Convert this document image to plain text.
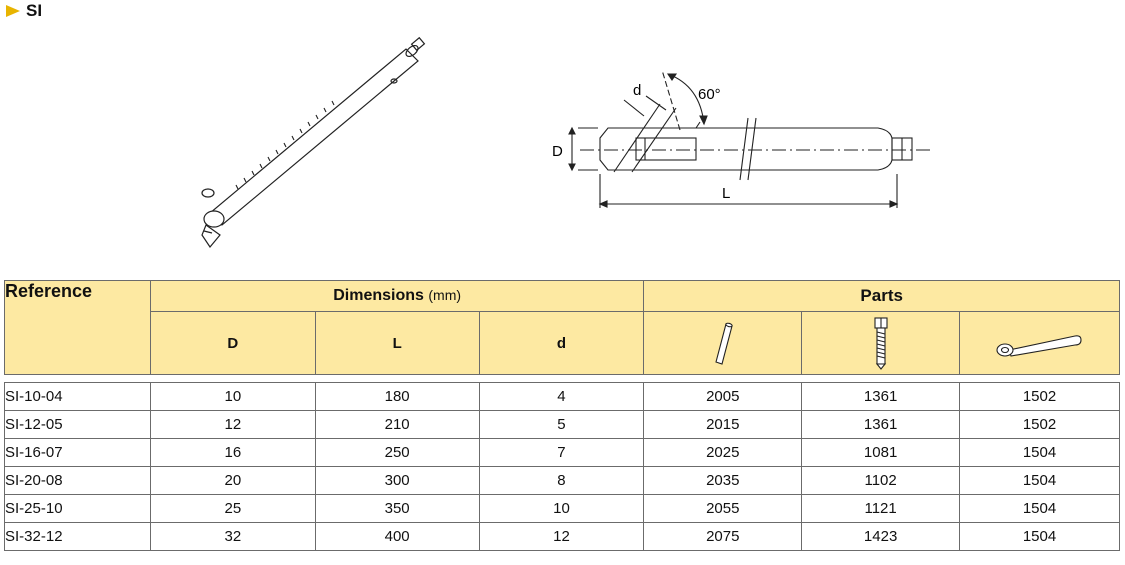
SI
d	60°
D
L
Reference	Dimensions (mm)			Parts		
	D	L	d	

SI-10-04	10	180	4	2005	1361	1502
SI-12-05	12	210	5	2015	1361	1502
SI-16-07	16	250	7	2025	1081	1504
SI-20-08	20	300	8	2035	1102	1504
SI-25-10	25	350	10	2055	1121	1504
SI-32-12	32	400	12	2075	1423	1504
